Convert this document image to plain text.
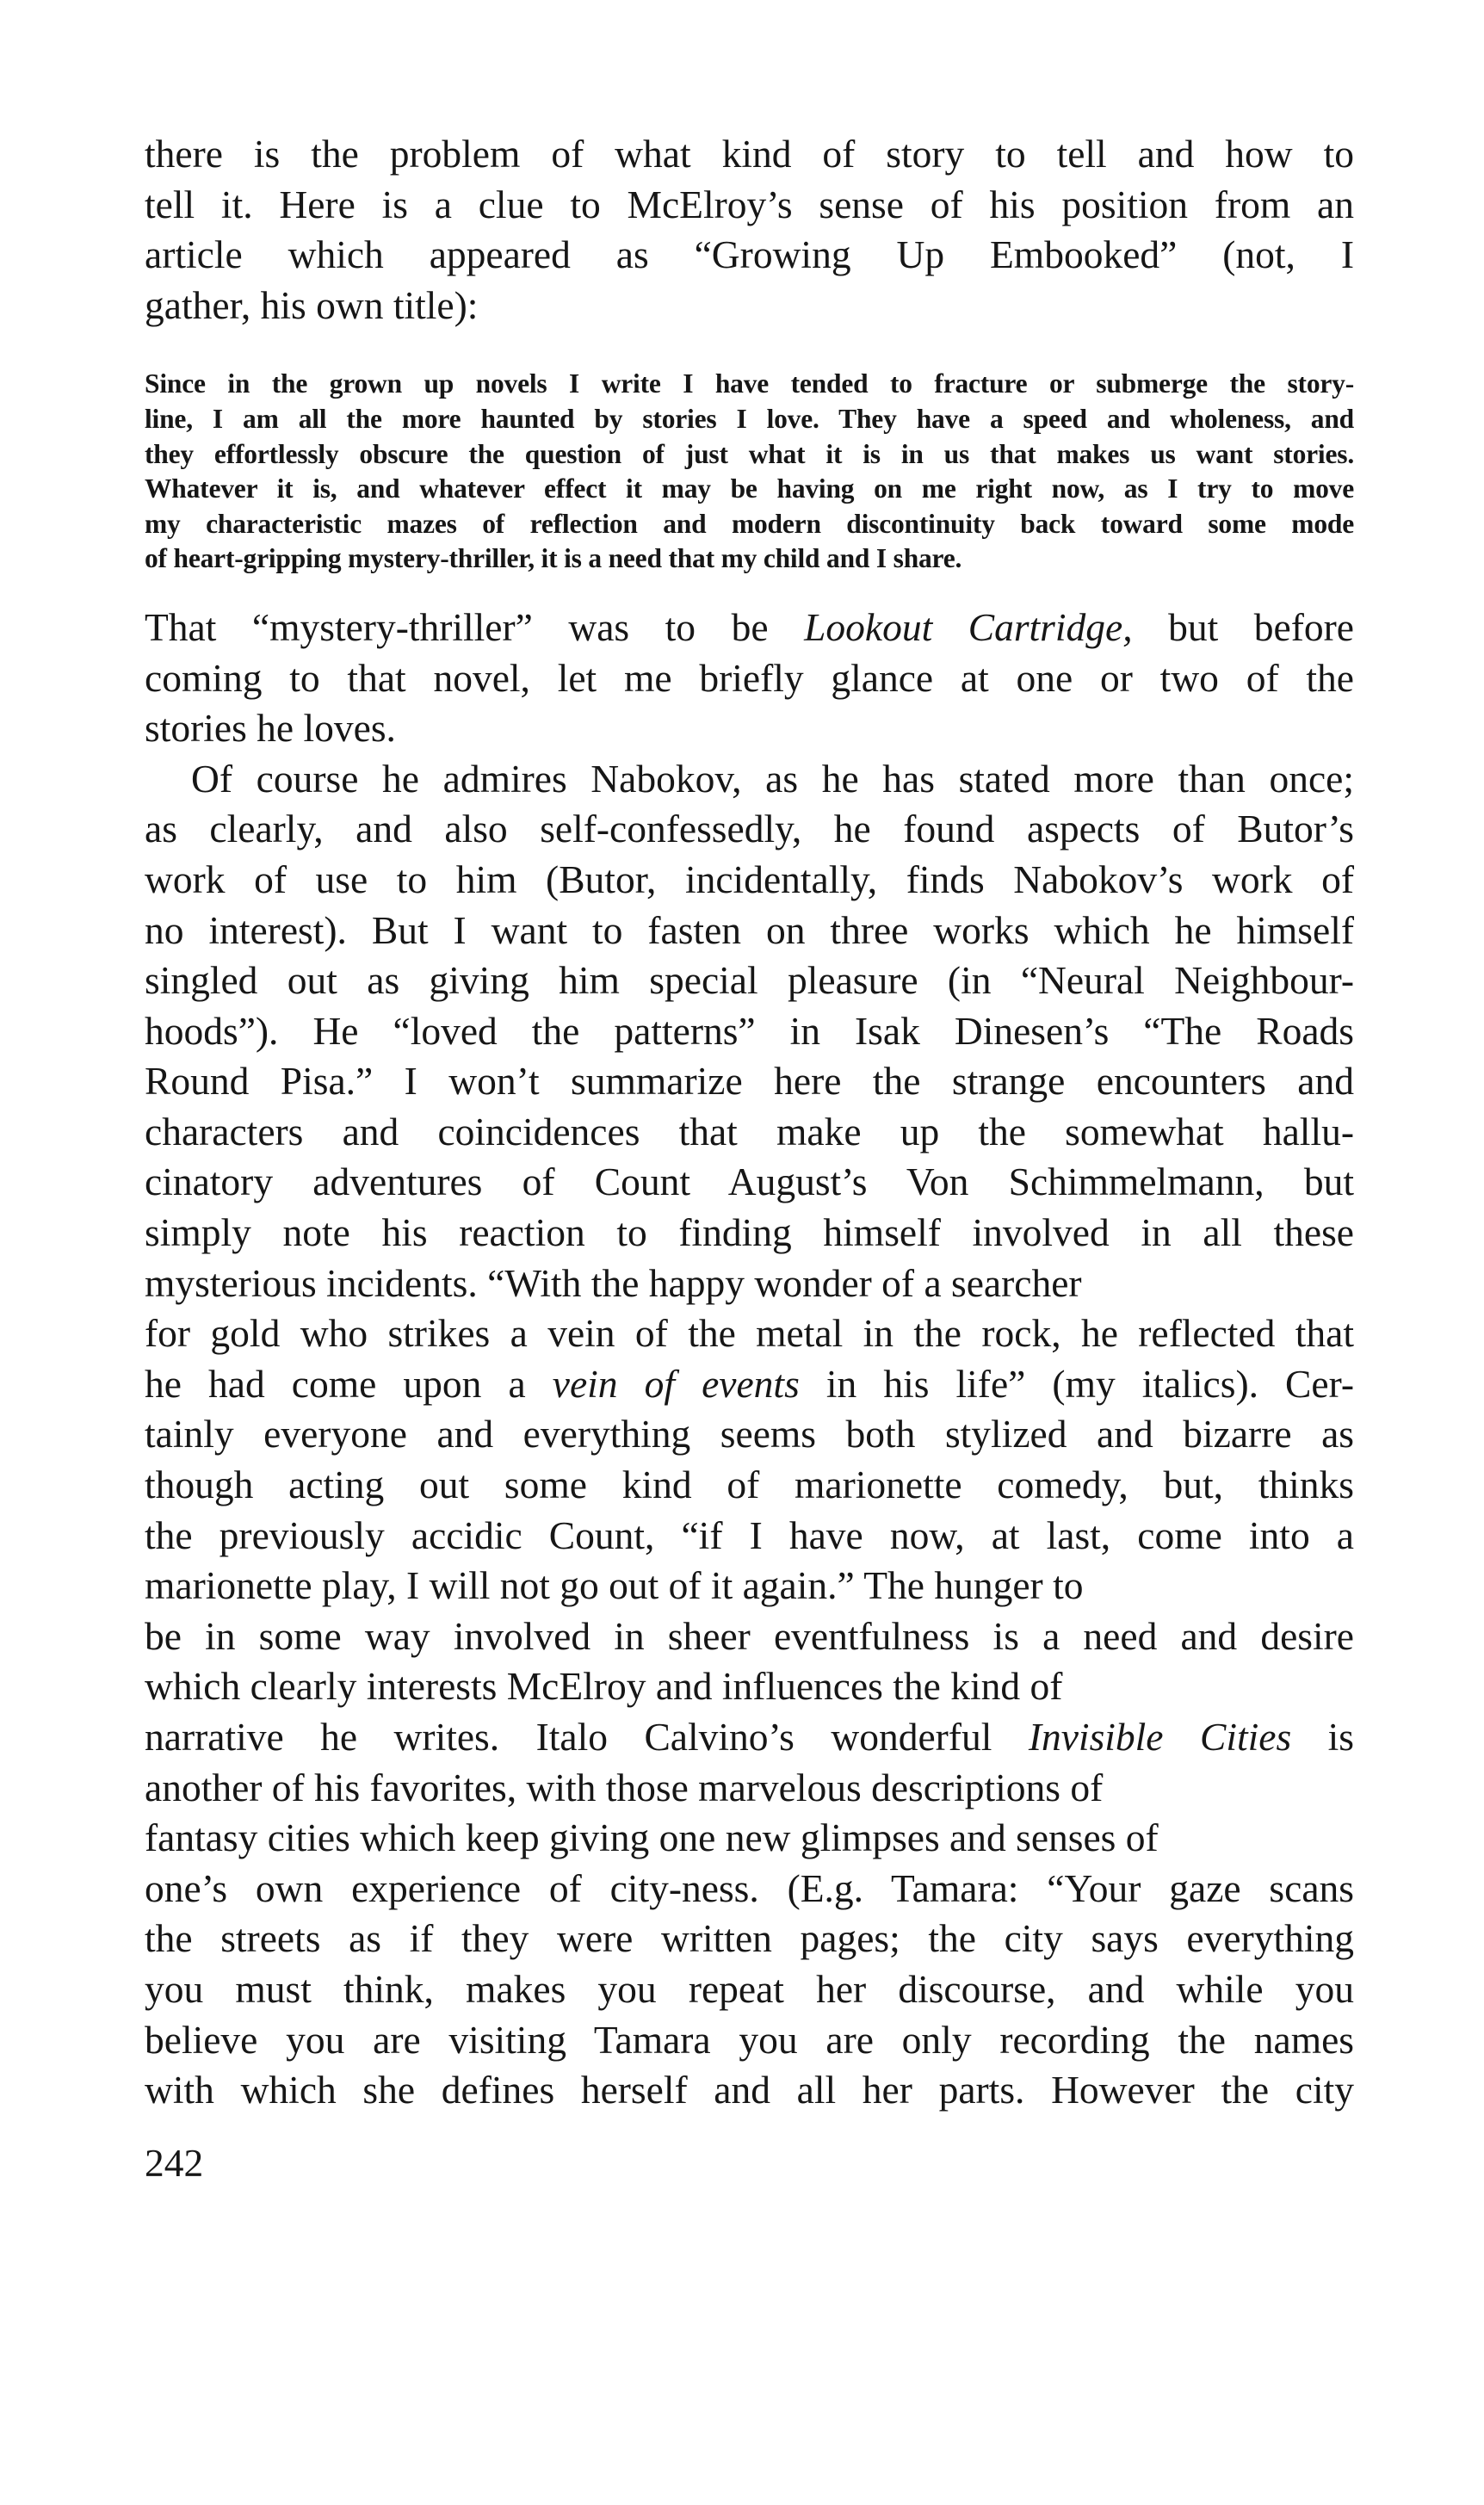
there is the problem of what kind of story to tell and how to
tell it. Here is a clue to McElroy’s sense of his position from an
article which appeared as “Growing Up Embooked” (not, I
gather, his own title):
Since in the grown up novels I write I have tended to fracture or submerge the story-
line, I am all the more haunted by stories I love. They have a speed and wholeness, and
they effortlessly obscure the question of just what it is in us that makes us want stories.
Whatever it is, and whatever effect it may be having on me right now, as I try to move
my characteristic mazes of reflection and modern discontinuity back toward some mode
of heart-gripping mystery-thriller, it is a need that my child and I share.
That “mystery-thriller” was to be Lookout Cartridge, but before
coming to that novel, let me briefly glance at one or two of the
stories he loves.
Of course he admires Nabokov, as he has stated more than once;
as clearly, and also self-confessedly, he found aspects of Butor’s
work of use to him (Butor, incidentally, finds Nabokov’s work of
no interest). But I want to fasten on three works which he himself
singled out as giving him special pleasure (in “Neural Neighbour-
hoods”). He “loved the patterns” in Isak Dinesen’s “The Roads
Round Pisa.” I won’t summarize here the strange encounters and
characters and coincidences that make up the somewhat hallu-
cinatory adventures of Count August’s Von Schimmelmann, but
simply note his reaction to finding himself involved in all these
mysterious incidents. “With the happy wonder of a searcher
for gold who strikes a vein of the metal in the rock, he reflected that
he had come upon a vein of events in his life” (my italics). Cer-
tainly everyone and everything seems both stylized and bizarre as
though acting out some kind of marionette comedy, but, thinks
the previously accidic Count, “if I have now, at last, come into a
marionette play, I will not go out of it again.” The hunger to
be in some way involved in sheer eventfulness is a need and desire
which clearly interests McElroy and influences the kind of
narrative he writes. Italo Calvino’s wonderful Invisible Cities is
another of his favorites, with those marvelous descriptions of
fantasy cities which keep giving one new glimpses and senses of
one’s own experience of city-ness. (E.g. Tamara: “Your gaze scans
the streets as if they were written pages; the city says everything
you must think, makes you repeat her discourse, and while you
believe you are visiting Tamara you are only recording the names
with which she defines herself and all her parts. However the city

242
